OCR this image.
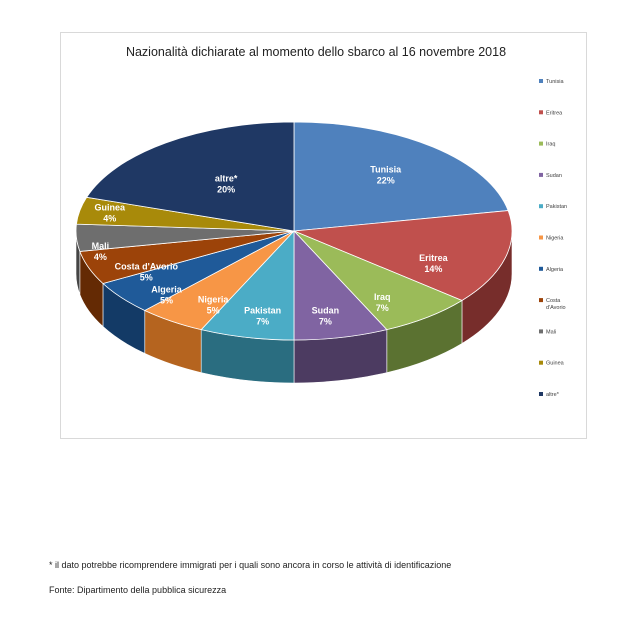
Nazionalità dichiarate al momento dello sbarco al 16 novembre 2018
Tunisia
22%
Eritrea
14%
Iraq
7%
Sudan
7%
Pakistan
7%
Nigeria
5%
Algeria
5%
Costa d'Avorio
5%
Mali
4%
Guinea
4%
altre*
20%
Tunisia
Eritrea
Iraq
Sudan
Pakistan
Nigeria
Algeria
Costa
d'Avorio
Mali
Guinea
altre*
* il dato potrebbe ricomprendere immigrati per i quali sono ancora in corso le attività di identificazione
Fonte: Dipartimento della pubblica sicurezza
